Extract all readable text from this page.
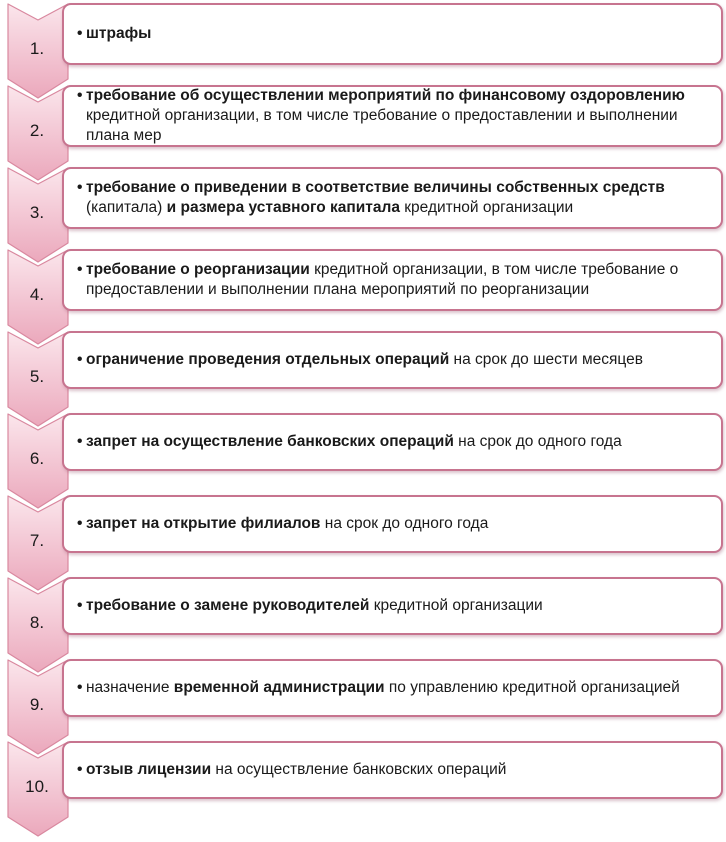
1.
• штрафы
2.
• требование об осуществлении мероприятий по финансовому оздоровлению кредитной организации, в том числе требование о предоставлении и выполнении плана мер
3.
• требование о приведении в соответствие величины собственных средств (капитала) и размера уставного капитала кредитной организации
4.
• требование о реорганизации кредитной организации, в том числе требование о предоставлении и выполнении плана мероприятий по реорганизации
5.
• ограничение проведения отдельных операций на срок до шести месяцев
6.
• запрет на осуществление банковских операций на срок до одного года
7.
• запрет на открытие филиалов на срок до одного года
8.
• требование о замене руководителей кредитной организации
9.
• назначение временной администрации по управлению кредитной организацией
10.
• отзыв лицензии на осуществление банковских операций
